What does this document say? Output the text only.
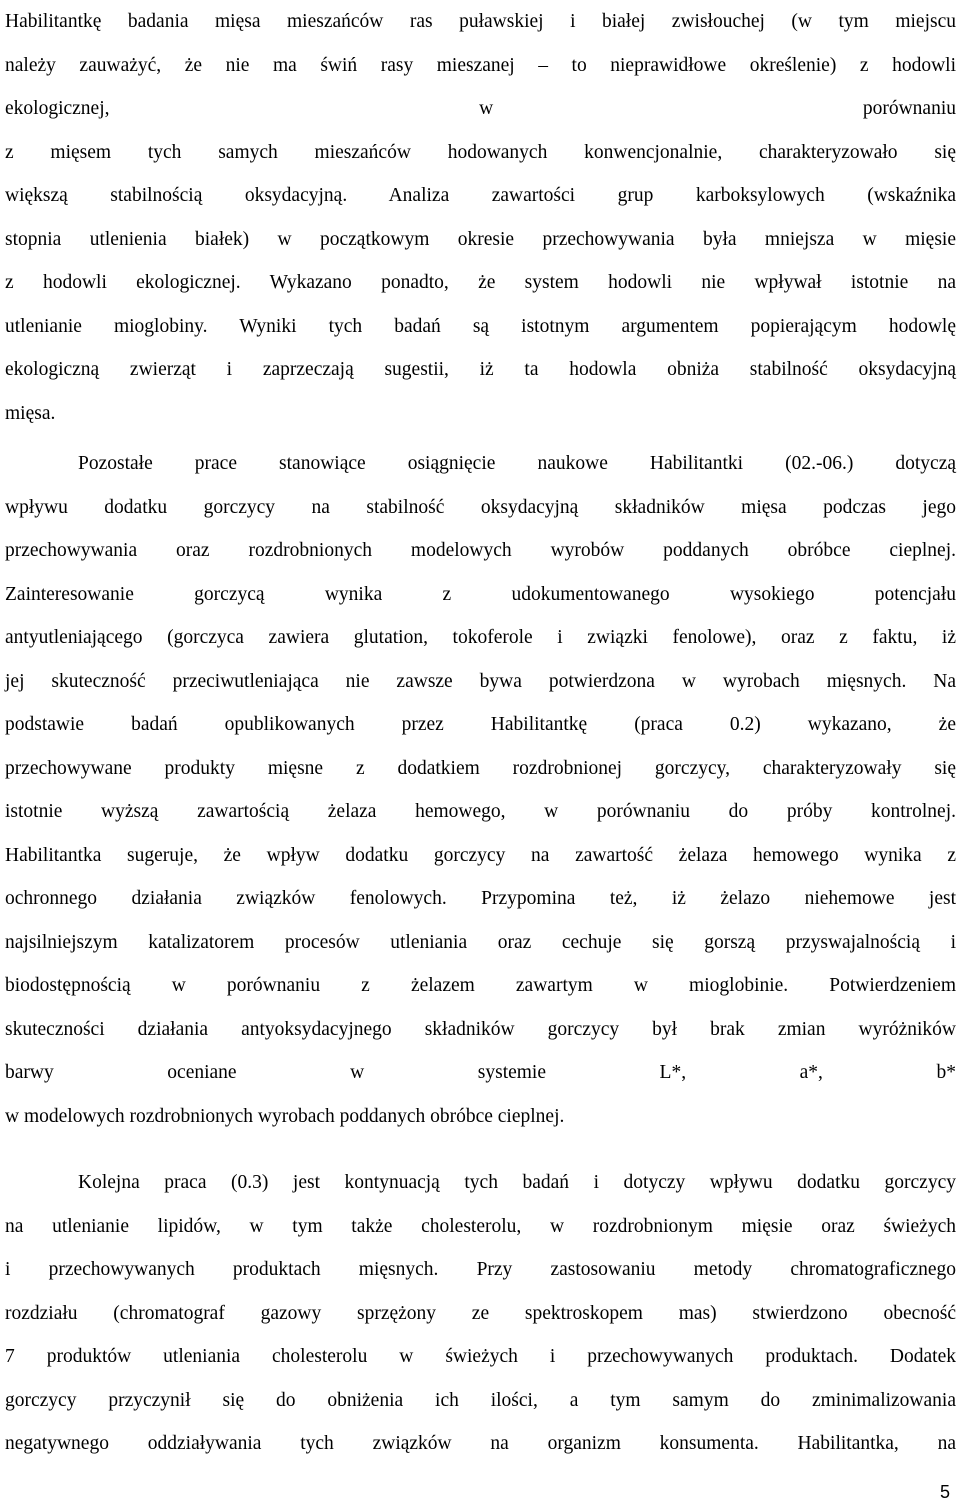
Habilitantkę badania mięsa mieszańców ras puławskiej i białej zwisłouchej (w tym miejscu
należy zauważyć, że nie ma świń rasy mieszanej – to nieprawidłowe określenie) z hodowli
ekologicznej,                                          w                                          porównaniu
z mięsem tych samych mieszańców hodowanych konwencjonalnie, charakteryzowało się
większą stabilnością oksydacyjną. Analiza zawartości grup karboksylowych (wskaźnika
stopnia utlenienia białek) w początkowym okresie przechowywania była mniejsza w mięsie
z hodowli ekologicznej. Wykazano ponadto, że system hodowli nie wpływał istotnie na
utlenianie mioglobiny. Wyniki tych badań są istotnym argumentem popierającym hodowlę
ekologiczną zwierząt i zaprzeczają sugestii, iż ta hodowla obniża stabilność oksydacyjną
mięsa.
Pozostałe prace stanowiące osiągnięcie naukowe Habilitantki (02.-06.) dotyczą
wpływu dodatku gorczycy na stabilność oksydacyjną składników mięsa podczas jego
przechowywania oraz rozdrobnionych modelowych wyrobów poddanych obróbce cieplnej.
Zainteresowanie gorczycą wynika z udokumentowanego wysokiego potencjału
antyutleniającego (gorczyca zawiera glutation, tokoferole i związki fenolowe), oraz z faktu, iż
jej skuteczność przeciwutleniająca nie zawsze bywa potwierdzona w wyrobach mięsnych. Na
podstawie badań opublikowanych przez Habilitantkę (praca 0.2) wykazano, że
przechowywane produkty mięsne z dodatkiem rozdrobnionej gorczycy, charakteryzowały się
istotnie wyższą zawartością żelaza hemowego, w porównaniu do próby kontrolnej.
Habilitantka sugeruje, że wpływ dodatku gorczycy na zawartość żelaza hemowego wynika z
ochronnego działania związków fenolowych. Przypomina też, iż żelazo niehemowe jest
najsilniejszym katalizatorem procesów utleniania oraz cechuje się gorszą przyswajalnością i
biodostępnością w porównaniu z żelazem zawartym w mioglobinie. Potwierdzeniem
skuteczności działania antyoksydacyjnego składników gorczycy był brak zmian wyróżników
barwy oceniane w systemie L*, a*, b*
w modelowych rozdrobnionych wyrobach poddanych obróbce cieplnej.
Kolejna praca (0.3) jest kontynuacją tych badań i dotyczy wpływu dodatku gorczycy
na utlenianie lipidów, w tym także cholesterolu, w rozdrobnionym mięsie oraz świeżych
i przechowywanych produktach mięsnych. Przy zastosowaniu metody chromatograficznego
rozdziału (chromatograf gazowy sprzężony ze spektroskopem mas) stwierdzono obecność
7 produktów utleniania cholesterolu w świeżych i przechowywanych produktach. Dodatek
gorczycy przyczynił się do obniżenia ich ilości, a tym samym do zminimalizowania
negatywnego oddziaływania tych związków na organizm konsumenta. Habilitantka, na
5
